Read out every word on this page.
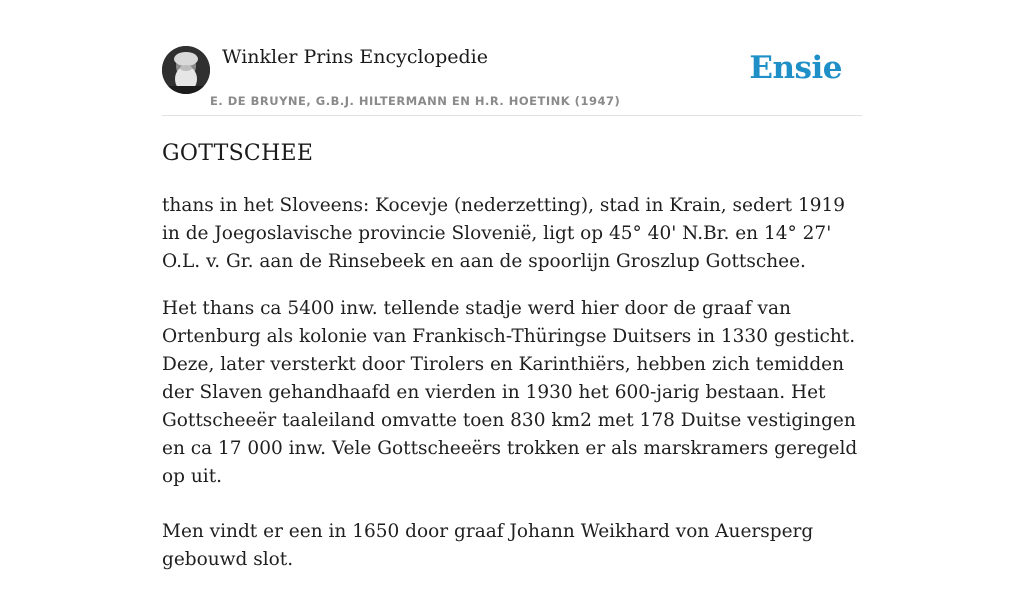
Winkler Prins Encyclopedie
E. DE BRUYNE, G.B.J. HILTERMANN EN H.R. HOETINK (1947)
Ensie
GOTTSCHEE

thans in het Sloveens: Kocevje (nederzetting), stad in Krain, sedert 1919 in de Joegoslavische provincie Slovenië, ligt op 45° 40' N.Br. en 14° 27' O.L. v. Gr. aan de Rinsebeek en aan de spoorlijn Groszlup Gottschee.

Het thans ca 5400 inw. tellende stadje werd hier door de graaf van Ortenburg als kolonie van Frankisch-Thüringse Duitsers in 1330 gesticht. Deze, later versterkt door Tirolers en Karinthiërs, hebben zich temidden der Slaven gehandhaafd en vierden in 1930 het 600-jarig bestaan. Het Gottscheeër taaleiland omvatte toen 830 km2 met 178 Duitse vestigingen en ca 17 000 inw. Vele Gottscheeërs trokken er als marskramers geregeld op uit.

Men vindt er een in 1650 door graaf Johann Weikhard von Auersperg gebouwd slot.
